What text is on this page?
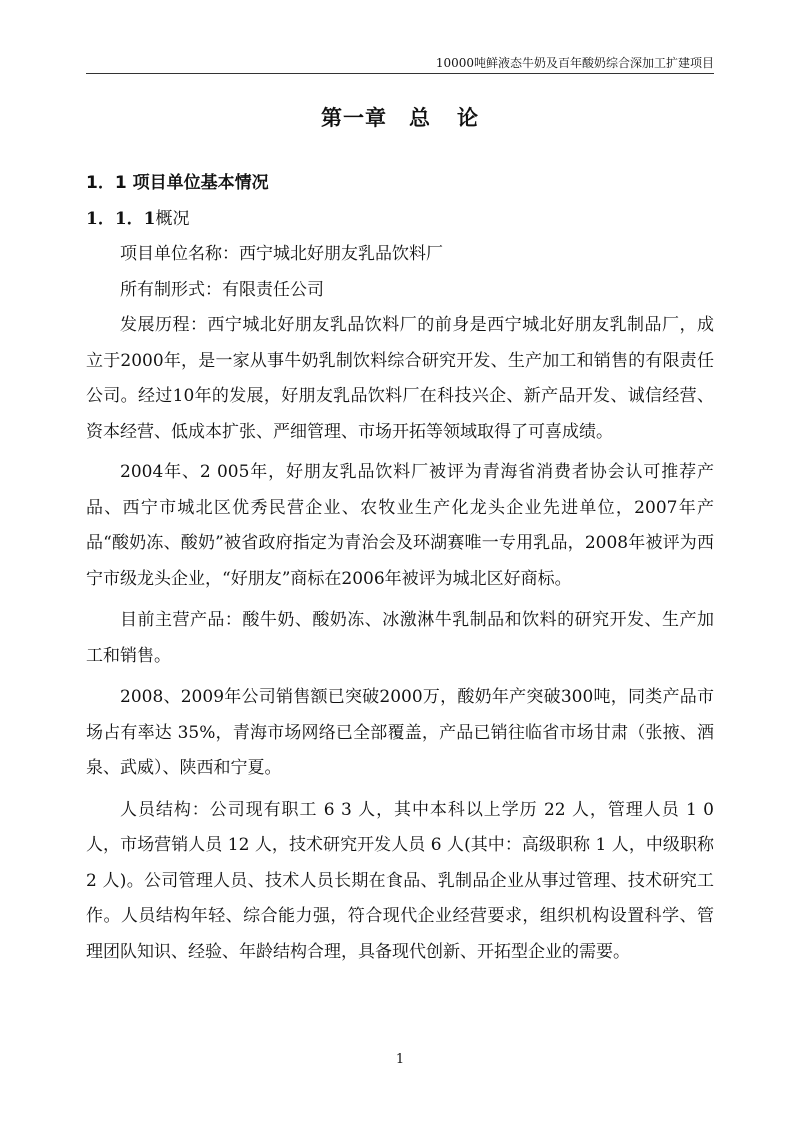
10000吨鲜液态牛奶及百年酸奶综合深加工扩建项目
第一章 总 论
1．1 项目单位基本情况
1．1．1概况

项目单位名称：西宁城北好朋友乳品饮料厂

所有制形式：有限责任公司

发展历程：西宁城北好朋友乳品饮料厂的前身是西宁城北好朋友乳制品厂，成立于2000年，是一家从事牛奶乳制饮料综合研究开发、生产加工和销售的有限责任公司。经过10年的发展，好朋友乳品饮料厂在科技兴企、新产品开发、诚信经营、资本经营、低成本扩张、严细管理、市场开拓等领域取得了可喜成绩。

2004年、2 005年，好朋友乳品饮料厂被评为青海省消费者协会认可推荐产品、西宁市城北区优秀民营企业、农牧业生产化龙头企业先进单位，2007年产品“酸奶冻、酸奶”被省政府指定为青治会及环湖赛唯一专用乳品，2008年被评为西宁市级龙头企业，“好朋友”商标在2006年被评为城北区好商标。

目前主营产品：酸牛奶、酸奶冻、冰激淋牛乳制品和饮料的研究开发、生产加工和销售。

2008、2009年公司销售额已突破2000万，酸奶年产突破300吨，同类产品市场占有率达 35%，青海市场网络已全部覆盖，产品已销往临省市场甘肃（张掖、酒泉、武威）、陕西和宁夏。

人员结构：公司现有职工 6 3 人，其中本科以上学历 22 人，管理人员 1 0 人，市场营销人员 12 人，技术研究开发人员 6 人(其中：高级职称 1 人，中级职称 2 人)。公司管理人员、技术人员长期在食品、乳制品企业从事过管理、技术研究工作。人员结构年轻、综合能力强，符合现代企业经营要求，组织机构设置科学、管理团队知识、经验、年龄结构合理，具备现代创新、开拓型企业的需要。

1
